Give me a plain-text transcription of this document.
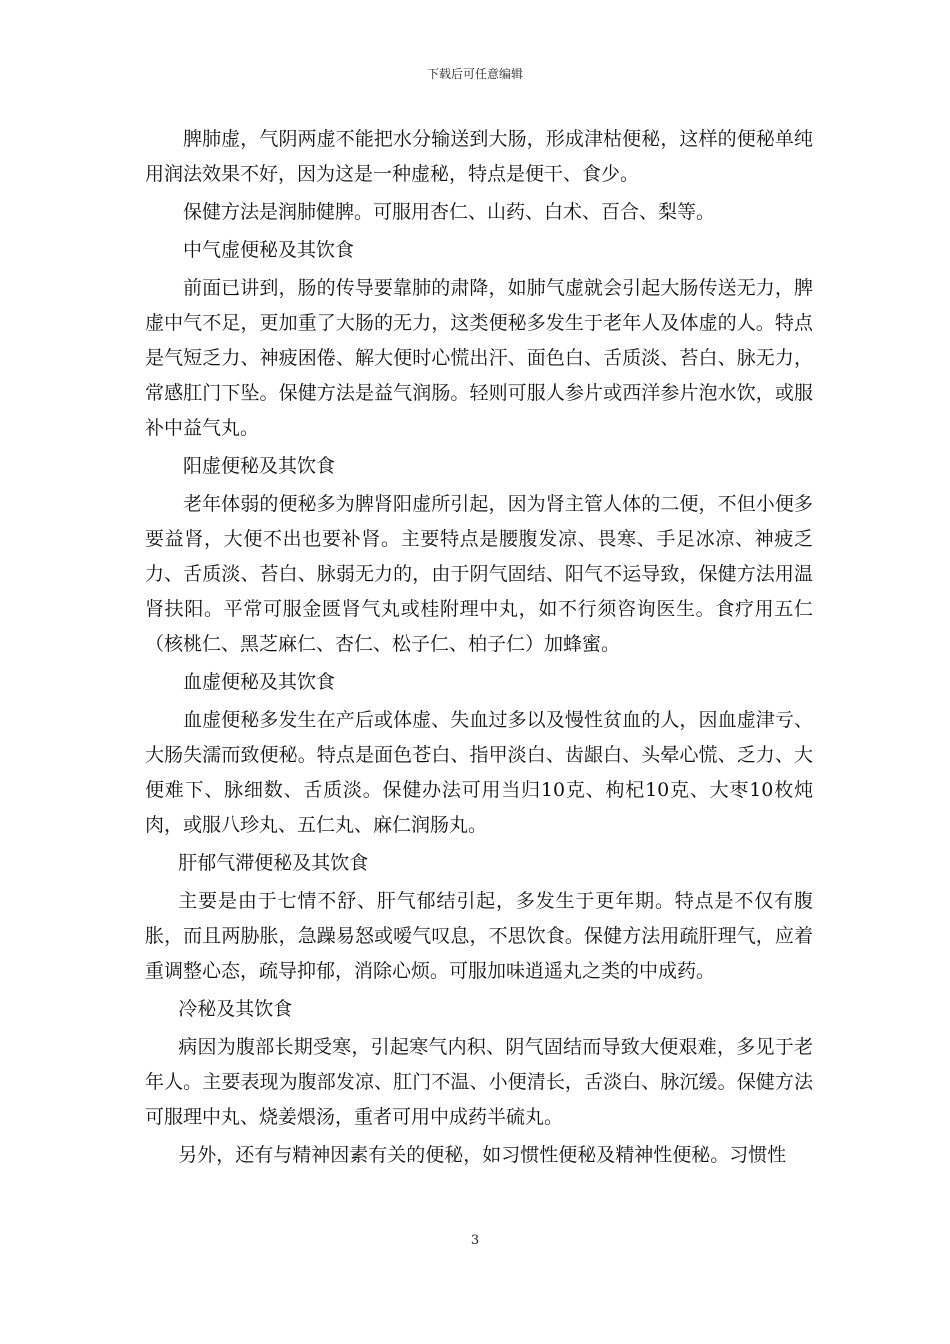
下载后可任意编辑

脾肺虚，气阴两虚不能把水分输送到大肠，形成津枯便秘，这样的便秘单纯用润法效果不好，因为这是一种虚秘，特点是便干、食少。

保健方法是润肺健脾。可服用杏仁、山药、白术、百合、梨等。

中气虚便秘及其饮食

前面已讲到，肠的传导要靠肺的肃降，如肺气虚就会引起大肠传送无力，脾虚中气不足，更加重了大肠的无力，这类便秘多发生于老年人及体虚的人。特点是气短乏力、神疲困倦、解大便时心慌出汗、面色白、舌质淡、苔白、脉无力，常感肛门下坠。保健方法是益气润肠。轻则可服人参片或西洋参片泡水饮，或服补中益气丸。

阳虚便秘及其饮食

老年体弱的便秘多为脾肾阳虚所引起，因为肾主管人体的二便，不但小便多要益肾，大便不出也要补肾。主要特点是腰腹发凉、畏寒、手足冰凉、神疲乏力、舌质淡、苔白、脉弱无力的，由于阴气固结、阳气不运导致，保健方法用温肾扶阳。平常可服金匮肾气丸或桂附理中丸，如不行须咨询医生。食疗用五仁（核桃仁、黑芝麻仁、杏仁、松子仁、柏子仁）加蜂蜜。

血虚便秘及其饮食

血虚便秘多发生在产后或体虚、失血过多以及慢性贫血的人，因血虚津亏、大肠失濡而致便秘。特点是面色苍白、指甲淡白、齿龈白、头晕心慌、乏力、大便难下、脉细数、舌质淡。保健办法可用当归10克、枸杞10克、大枣10枚炖肉，或服八珍丸、五仁丸、麻仁润肠丸。

肝郁气滞便秘及其饮食

主要是由于七情不舒、肝气郁结引起，多发生于更年期。特点是不仅有腹胀，而且两胁胀，急躁易怒或嗳气叹息，不思饮食。保健方法用疏肝理气，应着重调整心态，疏导抑郁，消除心烦。可服加味逍遥丸之类的中成药。

冷秘及其饮食

病因为腹部长期受寒，引起寒气内积、阴气固结而导致大便艰难，多见于老年人。主要表现为腹部发凉、肛门不温、小便清长，舌淡白、脉沉缓。保健方法可服理中丸、烧姜煨汤，重者可用中成药半硫丸。

另外，还有与精神因素有关的便秘，如习惯性便秘及精神性便秘。习惯性

3
